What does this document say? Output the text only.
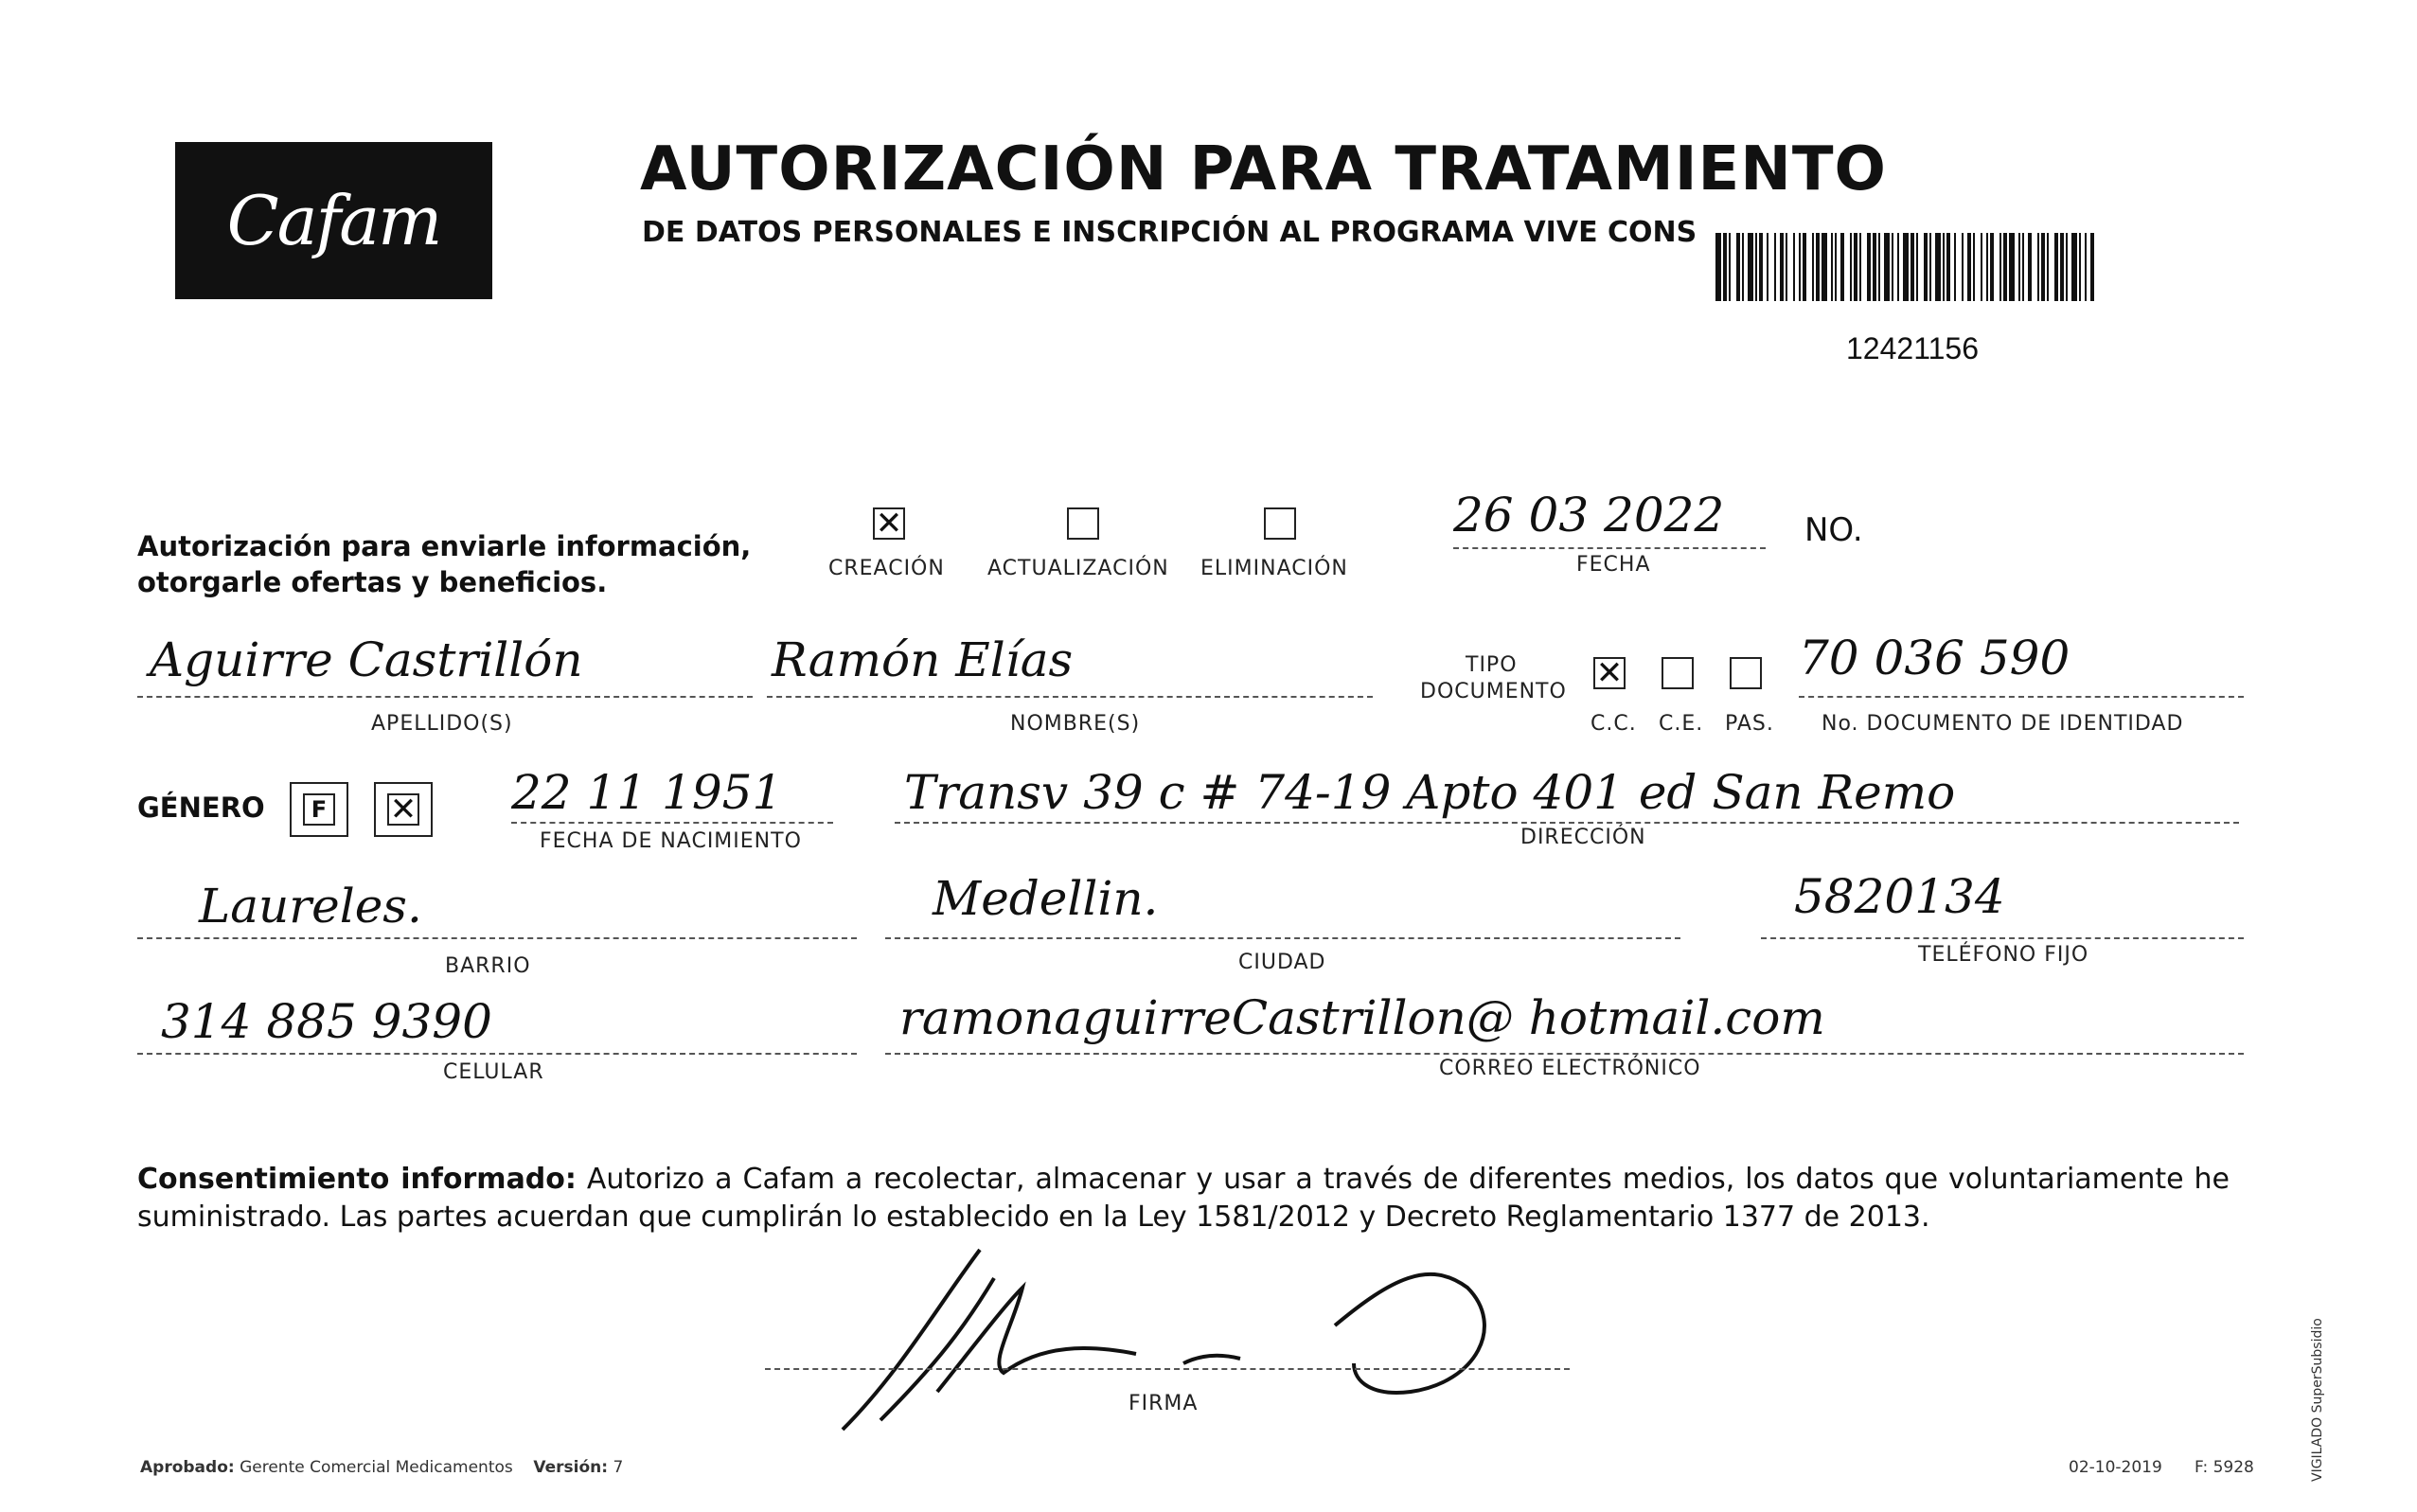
Cafam
AUTORIZACIÓN PARA TRATAMIENTO
DE DATOS PERSONALES E INSCRIPCIÓN AL PROGRAMA VIVE CONS
12421156
Autorización para enviarle información,
otorgarle ofertas y beneficios.
✕	CREACIÓN ACTUALIZACIÓN ELIMINACIÓN
26 03 2022
FECHA
NO.
Aguirre Castrillón
APELLIDO(S)
Ramón Elías
NOMBRE(S)
TIPO
DOCUMENTO
✕
C.C. C.E. PAS.
70 036 590
No. DOCUMENTO DE IDENTIDAD
GÉNERO	F
✕	22 11 1951
FECHA DE NACIMIENTO
Transv 39 c # 74-19 Apto 401 ed San Remo
DIRECCIÓN
Laureles.
BARRIO
Medellin.
CIUDAD
5820134
TELÉFONO FIJO
314 885 9390
CELULAR
ramonaguirreCastrillon@ hotmail.com
CORREO ELECTRÓNICO
Consentimiento informado: Autorizo a Cafam a recolectar, almacenar y usar a través de diferentes medios, los datos que voluntariamente he suministrado. Las partes acuerdan que cumplirán lo establecido en la Ley 1581/2012 y Decreto Reglamentario 1377 de 2013.
FIRMA
Aprobado: Gerente Comercial Medicamentos Versión: 7	02-10-2019 F: 5928	VIGILADO SuperSubsidio
